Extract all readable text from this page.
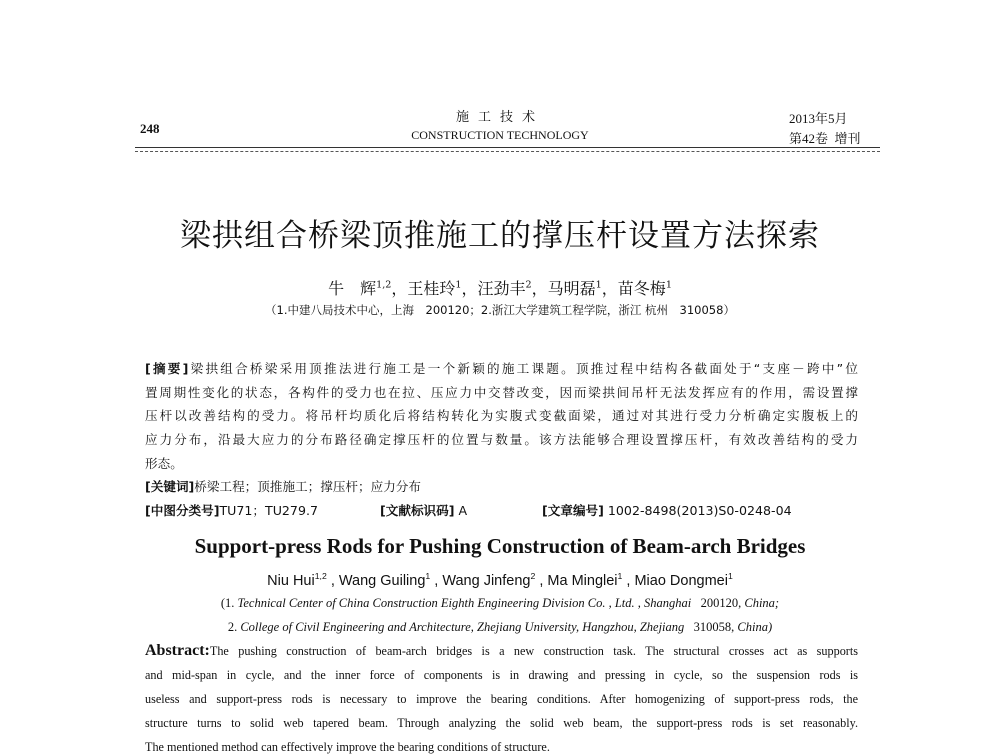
248
施工技术
CONSTRUCTION TECHNOLOGY
2013年5月
第42卷  增刊
梁拱组合桥梁顶推施工的撑压杆设置方法探索
牛　辉$^{1,2}$，王桂玲$^1$，汪劲丰$^2$，马明磊$^1$，苗冬梅$^1$
（1.中建八局技术中心，上海　200120；2.浙江大学建筑工程学院，浙江 杭州　310058）
[摘要]梁拱组合桥梁采用顶推法进行施工是一个新颖的施工课题。顶推过程中结构各截面处于“支座－跨中”位
置周期性变化的状态，各构件的受力也在拉、压应力中交替改变，因而梁拱间吊杆无法发挥应有的作用，需设置撑
压杆以改善结构的受力。将吊杆均质化后将结构转化为实腹式变截面梁，通过对其进行受力分析确定实腹板上的
应力分布，沿最大应力的分布路径确定撑压杆的位置与数量。该方法能够合理设置撑压杆，有效改善结构的受力
形态。
[关键词]桥梁工程；顶推施工；撑压杆；应力分布
[中图分类号]TU71；TU279.7	[文献标识码] A	[文章编号] 1002-8498(2013)S0-0248-04
Support-press Rods for Pushing Construction of Beam-arch Bridges
Niu Hui$^{1,2}$ , Wang Guiling$^1$ , Wang Jinfeng$^2$ , Ma Minglei$^1$ , Miao Dongmei$^1$
(1. Technical Center of China Construction Eighth Engineering Division Co. , Ltd. , Shanghai 200120, China;
2. College of Civil Engineering and Architecture, Zhejiang University, Hangzhou, Zhejiang 310058, China)
Abstract:The pushing construction of beam-arch bridges is a new construction task. The structural crosses act as supports
and mid-span in cycle, and the inner force of components is in drawing and pressing in cycle, so the suspension rods is
useless and support-press rods is necessary to improve the bearing conditions. After homogenizing of support-press rods, the
structure turns to solid web tapered beam. Through analyzing the solid web beam, the support-press rods is set reasonably.
The mentioned method can effectively improve the bearing conditions of structure.
